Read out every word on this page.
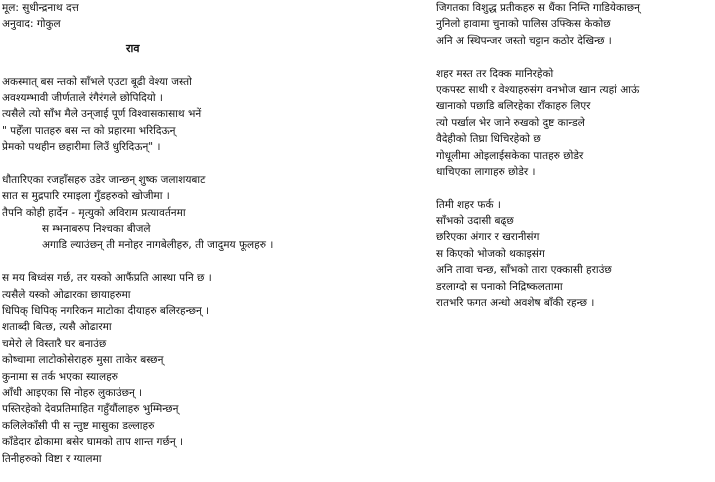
मूल: सुधीन्द्रनाथ दत्त
अनुवाद: गोकुल
राव
अकस्मात् बस न्तको साँभले एउटा बूढी वेश्या जस्तो
अवश्यम्भावी जीर्णताले रंगैरंगले छोपिदियो ।
त्यसैले त्यो साँभ मैले उन्‌जाई पूर्ण विश्वासकासाथ भनें
" पहेँला पातहरु बस न्त को प्रहारमा भरिदिऊन्
प्रेमको पथहीन छहारीमा लिउँ धुरिदिऊन्" ।
धौतारिएका रजहाँसहरु उडेर जान्छन् शुष्क जलाशयबाट
सात स मुद्रपारि रमाइला गुँडहरुको खोजीमा ।
तैपनि कोही हार्देन - मृत्युको अविराम प्रत्यावर्तनमा
स म्भनाबरुप निश्चका बीजले
अगाडि ल्याउंछन् ती मनोहर नागबेलीहरु, ती जादुमय फूलहरु ।
स मय बिध्वंस गर्छ, तर यस्को आफैंप्रति आस्था पनि छ ।
त्यसैले यस्को ओढारका छायाहरुमा
धिपिक् धिपिक् नगरिकन माटोका दीयाहरु बलिरहन्छन् ।
शताब्दी बित्छ, त्यसै ओढारमा
चमेरो ले विस्तारै घर बनाउंछ
कोष्चामा लाटोकोसेराहरु मुसा ताकेर बस्छन्
कुनामा स तर्क भएका स्यालहरु
आँधी आइएका सि नोहरु लुकाउंछन् ।
पस्तिरहेको देवप्रतिमाहित गहुँयौंलाहरु भुम्मिन्छन्
कलिलेकाँसी पी स न्तुष्ट मासुका डल्लाहरु
काँडेदार ढोकामा बसेर घामको ताप शान्त गर्छन् ।
तिनीहरुको विष्टा र ग्यालमा
जिगतका विशुद्ध प्रतीकहरु स धैंका निम्ति गाडियेकाछन्
नुनिलो हावामा चुनाको पालिस उफ्किस केकोछ
अनि अ स्थिपन्जर जस्तो चट्टान कठोर देखिन्छ ।
शहर मस्त तर दिक्क मानिरहेको
एकपस्ट साथी र वेश्याहरुसंग वनभोज खान त्यहां आऊं
खानाको पछाडि बलिरहेका राँकाहरु लिएर
त्यो पर्खाल भेर जाने रुखको दुष्ट कान्डले
वैदेहीको तिघ्रा धिचिरहेको छ
गोधूलीमा ओइलाईसकेका पातहरु छोडेर
धाचिएका लागाहरु छोडेर ।
तिमी शहर फर्क ।
साँभको उदासी बढ्छ
छरिएका अंगार र खरानीसंग
स किएको भोजको थकाइसंग
अनि तावा चन्छ, साँभको तारा एक्कासी हराउंछ
डरलाग्दो स पनाको निद्रिष्कलतामा
रातभरि फगत अन्धो अवशेष बाँकी रहन्छ ।
